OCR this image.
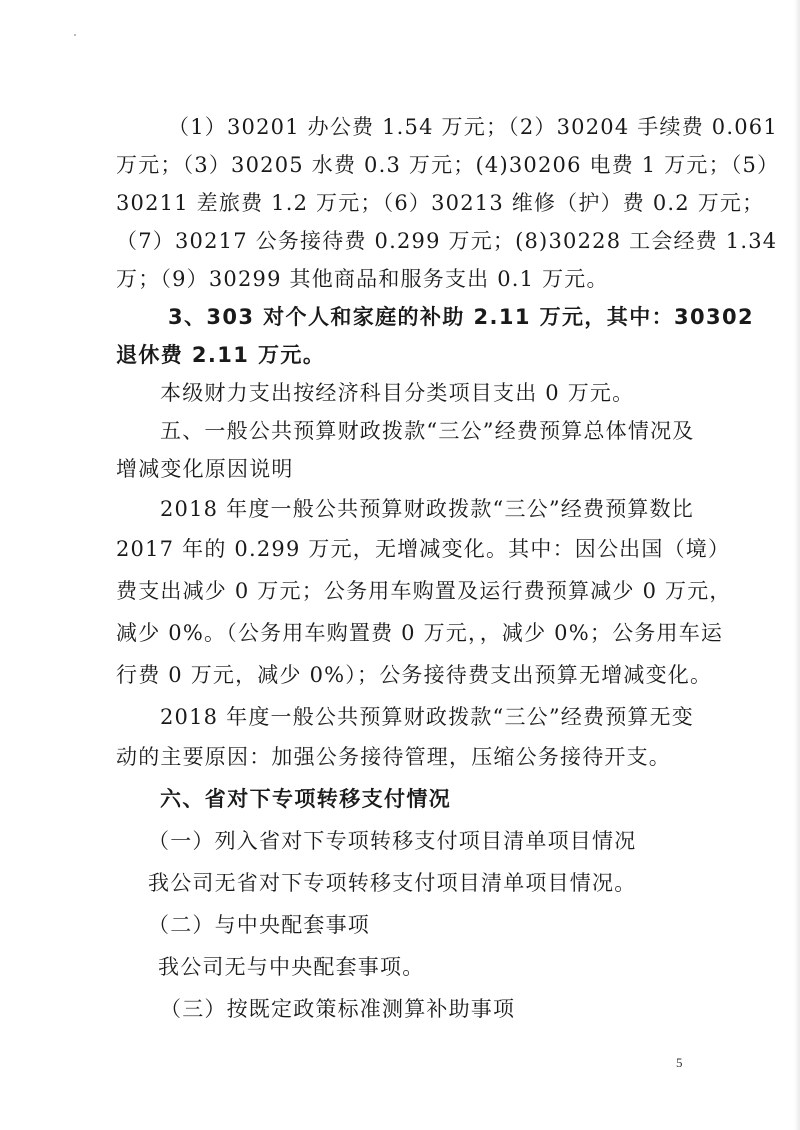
（1）30201 办公费 1.54 万元；（2）30204 手续费 0.061
万元；（3）30205 水费 0.3 万元；(4)30206 电费 1 万元；（5）
30211 差旅费 1.2 万元；（6）30213 维修（护）费 0.2 万元；
（7）30217 公务接待费 0.299 万元；(8)30228 工会经费 1.34
万；（9）30299 其他商品和服务支出 0.1 万元。
3、303 对个人和家庭的补助 2.11 万元，其中：30302
退休费 2.11 万元。
本级财力支出按经济科目分类项目支出 0 万元。
五、一般公共预算财政拨款“三公”经费预算总体情况及
增减变化原因说明
2018 年度一般公共预算财政拨款“三公”经费预算数比
2017 年的 0.299 万元，无增减变化。其中：因公出国（境）
费支出减少 0 万元；公务用车购置及运行费预算减少 0 万元，
减少 0%。（公务用车购置费 0 万元，，减少 0%；公务用车运
行费 0 万元，减少 0%）；公务接待费支出预算无增减变化。
2018 年度一般公共预算财政拨款“三公”经费预算无变
动的主要原因：加强公务接待管理，压缩公务接待开支。
六、省对下专项转移支付情况
（一）列入省对下专项转移支付项目清单项目情况
我公司无省对下专项转移支付项目清单项目情况。
（二）与中央配套事项
我公司无与中央配套事项。
（三）按既定政策标准测算补助事项
5
